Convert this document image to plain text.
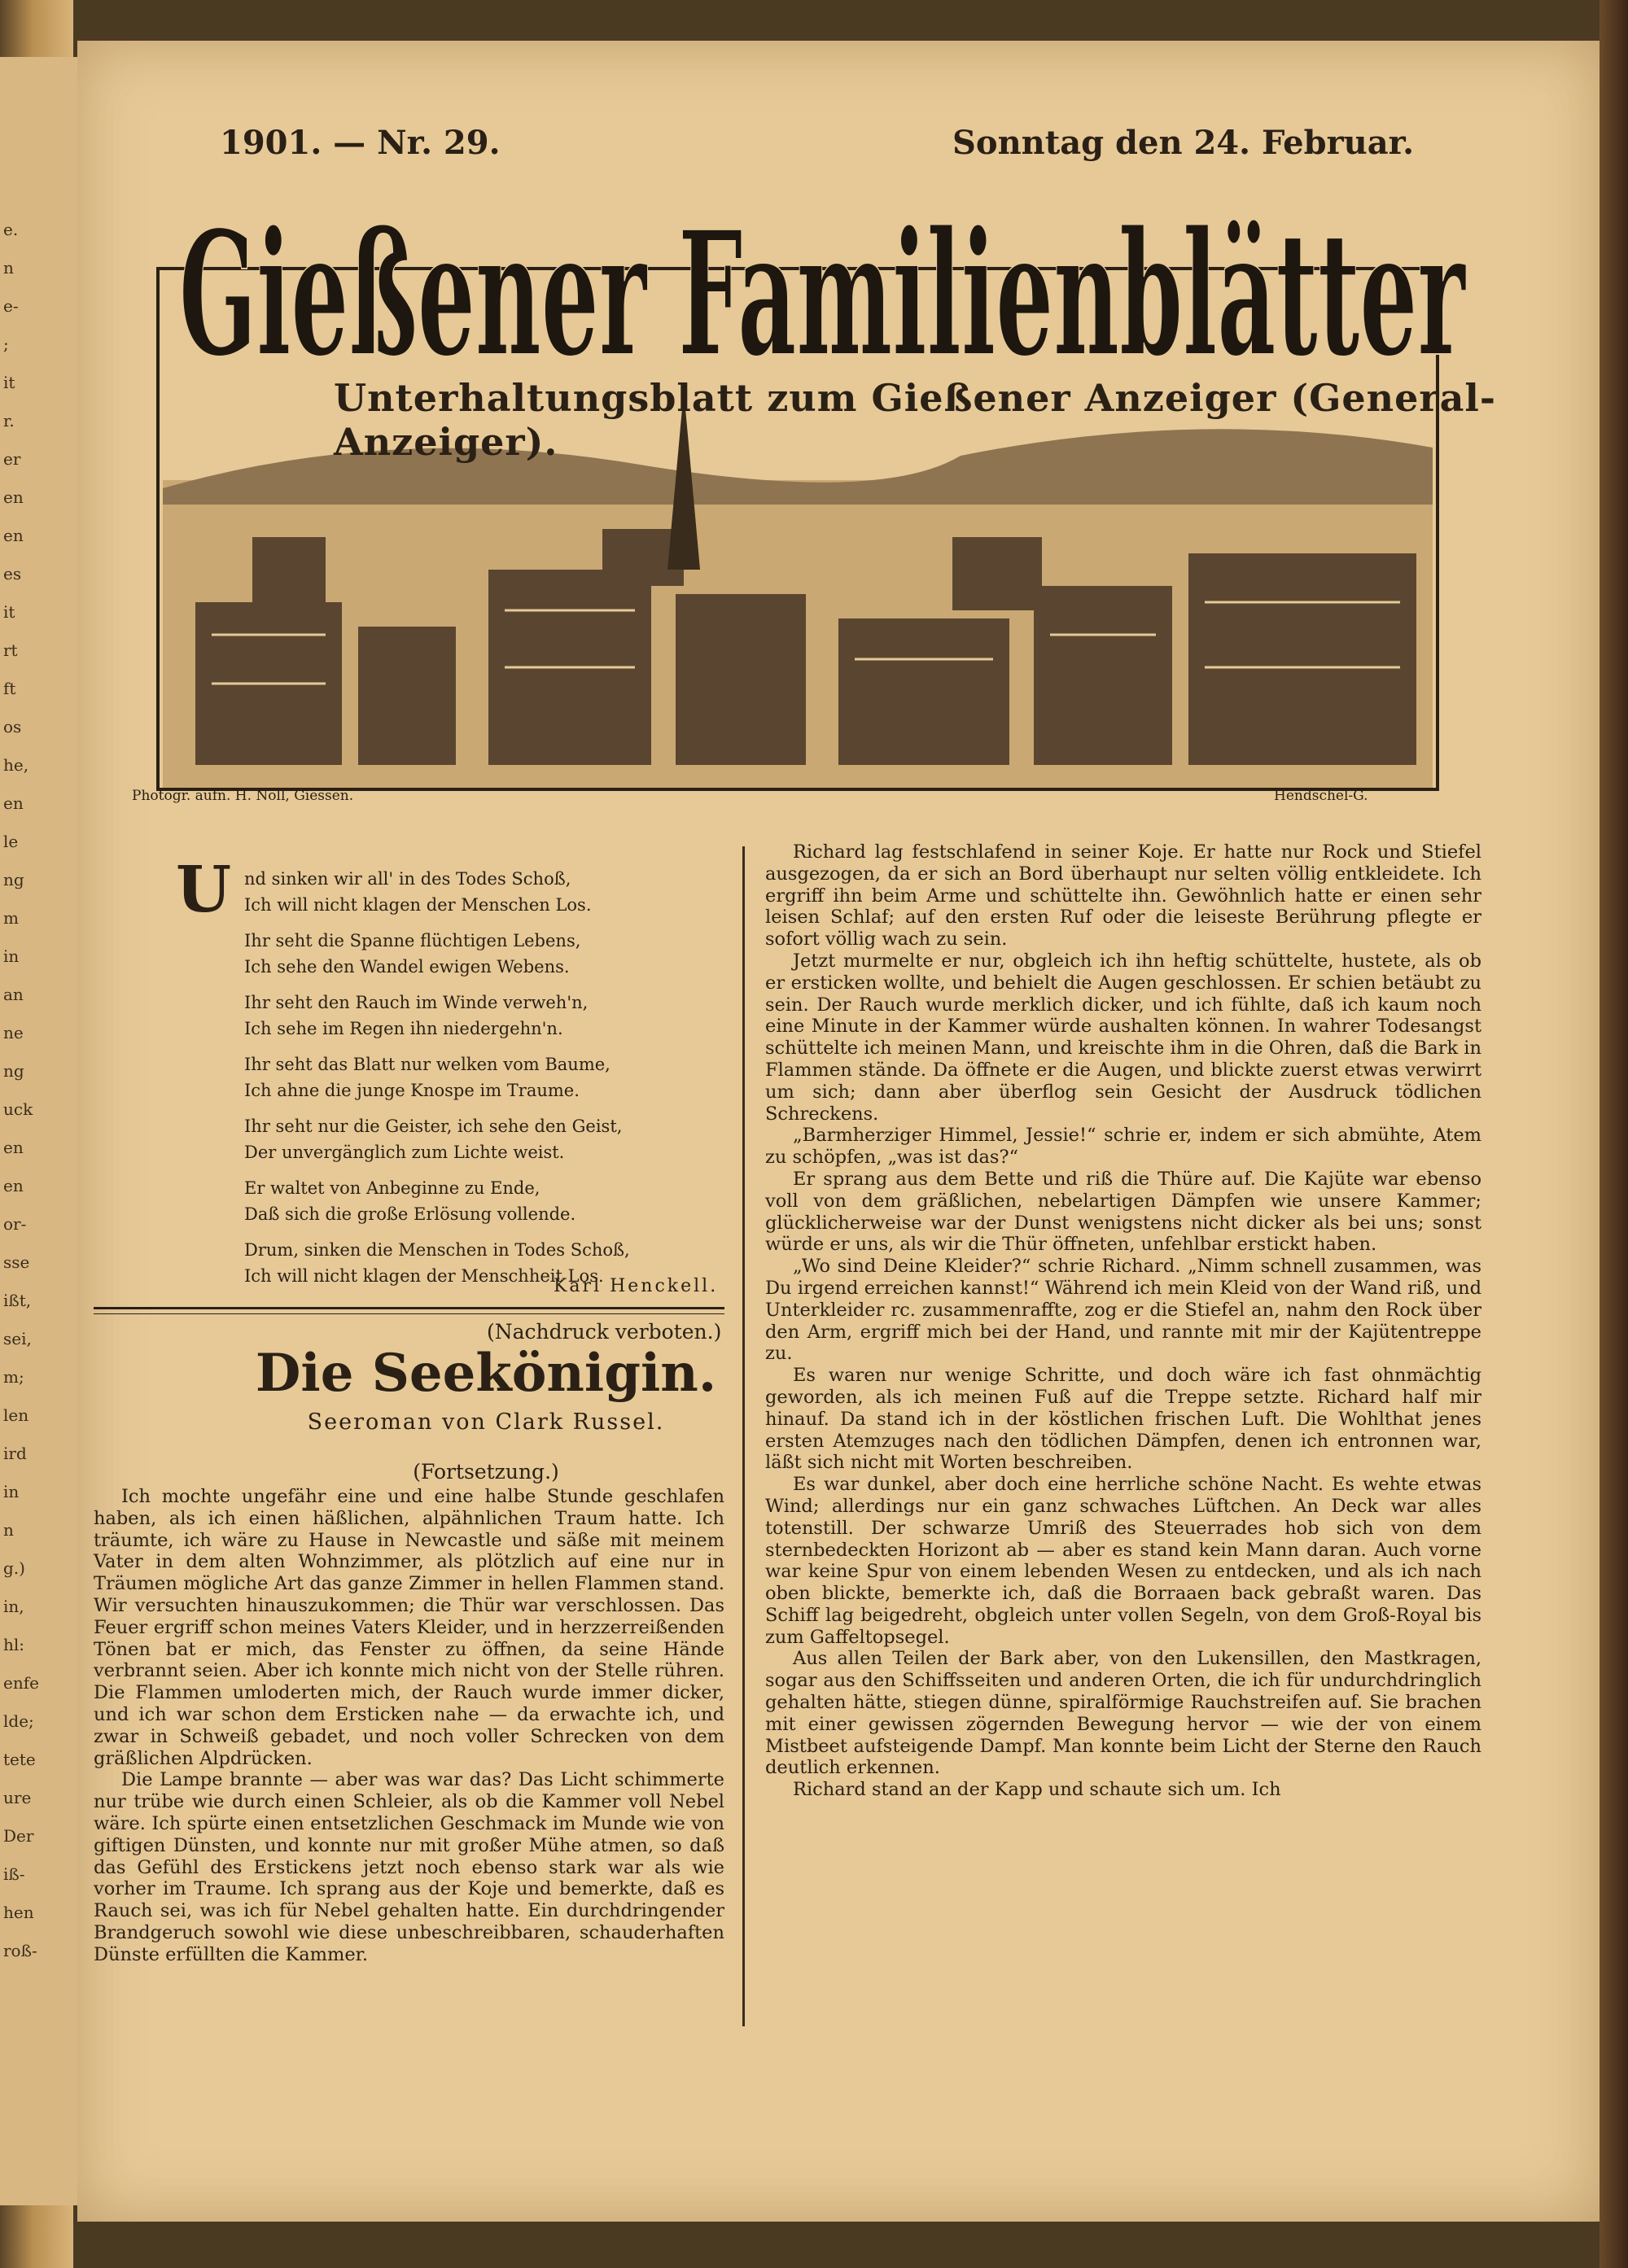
e.
n
e-
;
it
r.
er
en
en
es
it
rt
ft
os
he,
en
le
ng
m
in
an
ne
ng
uck
en
en
or-
sse
ißt,
sei,
m;
len
ird
in
n
g.)
in,
hl:
enfe
lde;
tete
ure
Der
iß-
hen
roß-
1901. — Nr. 29.	Sonntag den 24. Februar.
Gießener Familienblätter
Unterhaltungsblatt zum Gießener Anzeiger (General-Anzeiger).
Photogr. aufn. H. Noll, Giessen.	Hendschel-G.
U nd sinken wir all' in des Todes Schoß,
Ich will nicht klagen der Menschen Los.
Ihr seht die Spanne flüchtigen Lebens,
Ich sehe den Wandel ewigen Webens.
Ihr seht den Rauch im Winde verweh'n,
Ich sehe im Regen ihn niedergehn'n.
Ihr seht das Blatt nur welken vom Baume,
Ich ahne die junge Knospe im Traume.
Ihr seht nur die Geister, ich sehe den Geist,
Der unvergänglich zum Lichte weist.
Er waltet von Anbeginne zu Ende,
Daß sich die große Erlösung vollende.
Drum, sinken die Menschen in Todes Schoß,
Ich will nicht klagen der Menschheit Los.
Karl Henckell.
(Nachdruck verboten.)
Die Seekönigin.
Seeroman von Clark Russel.
(Fortsetzung.)

Ich mochte ungefähr eine und eine halbe Stunde geschlafen haben, als ich einen häßlichen, alpähnlichen Traum hatte. Ich träumte, ich wäre zu Hause in Newcastle und säße mit meinem Vater in dem alten Wohnzimmer, als plötzlich auf eine nur in Träumen mögliche Art das ganze Zimmer in hellen Flammen stand. Wir versuchten hinauszukommen; die Thür war verschlossen. Das Feuer ergriff schon meines Vaters Kleider, und in herzzerreißenden Tönen bat er mich, das Fenster zu öffnen, da seine Hände verbrannt seien. Aber ich konnte mich nicht von der Stelle rühren. Die Flammen umloderten mich, der Rauch wurde immer dicker, und ich war schon dem Ersticken nahe — da erwachte ich, und zwar in Schweiß gebadet, und noch voller Schrecken von dem gräßlichen Alpdrücken.

Die Lampe brannte — aber was war das? Das Licht schimmerte nur trübe wie durch einen Schleier, als ob die Kammer voll Nebel wäre. Ich spürte einen entsetzlichen Geschmack im Munde wie von giftigen Dünsten, und konnte nur mit großer Mühe atmen, so daß das Gefühl des Erstickens jetzt noch ebenso stark war als wie vorher im Traume. Ich sprang aus der Koje und bemerkte, daß es Rauch sei, was ich für Nebel gehalten hatte. Ein durchdringender Brandgeruch sowohl wie diese unbeschreibbaren, schauderhaften Dünste erfüllten die Kammer.

Richard lag festschlafend in seiner Koje. Er hatte nur Rock und Stiefel ausgezogen, da er sich an Bord überhaupt nur selten völlig entkleidete. Ich ergriff ihn beim Arme und schüttelte ihn. Gewöhnlich hatte er einen sehr leisen Schlaf; auf den ersten Ruf oder die leiseste Berührung pflegte er sofort völlig wach zu sein.

Jetzt murmelte er nur, obgleich ich ihn heftig schüttelte, hustete, als ob er ersticken wollte, und behielt die Augen geschlossen. Er schien betäubt zu sein. Der Rauch wurde merklich dicker, und ich fühlte, daß ich kaum noch eine Minute in der Kammer würde aushalten können. In wahrer Todesangst schüttelte ich meinen Mann, und kreischte ihm in die Ohren, daß die Bark in Flammen stände. Da öffnete er die Augen, und blickte zuerst etwas verwirrt um sich; dann aber überflog sein Gesicht der Ausdruck tödlichen Schreckens.

„Barmherziger Himmel, Jessie!“ schrie er, indem er sich abmühte, Atem zu schöpfen, „was ist das?“

Er sprang aus dem Bette und riß die Thüre auf. Die Kajüte war ebenso voll von dem gräßlichen, nebelartigen Dämpfen wie unsere Kammer; glücklicherweise war der Dunst wenigstens nicht dicker als bei uns; sonst würde er uns, als wir die Thür öffneten, unfehlbar erstickt haben.

„Wo sind Deine Kleider?“ schrie Richard. „Nimm schnell zusammen, was Du irgend erreichen kannst!“ Während ich mein Kleid von der Wand riß, und Unterkleider rc. zusammenraffte, zog er die Stiefel an, nahm den Rock über den Arm, ergriff mich bei der Hand, und rannte mit mir der Kajütentreppe zu.

Es waren nur wenige Schritte, und doch wäre ich fast ohnmächtig geworden, als ich meinen Fuß auf die Treppe setzte. Richard half mir hinauf. Da stand ich in der köstlichen frischen Luft. Die Wohlthat jenes ersten Atemzuges nach den tödlichen Dämpfen, denen ich entronnen war, läßt sich nicht mit Worten beschreiben.

Es war dunkel, aber doch eine herrliche schöne Nacht. Es wehte etwas Wind; allerdings nur ein ganz schwaches Lüftchen. An Deck war alles totenstill. Der schwarze Umriß des Steuerrades hob sich von dem sternbedeckten Horizont ab — aber es stand kein Mann daran. Auch vorne war keine Spur von einem lebenden Wesen zu entdecken, und als ich nach oben blickte, bemerkte ich, daß die Borraaen back gebraßt waren. Das Schiff lag beigedreht, obgleich unter vollen Segeln, von dem Groß-Royal bis zum Gaffeltopsegel.

Aus allen Teilen der Bark aber, von den Lukensillen, den Mastkragen, sogar aus den Schiffsseiten und anderen Orten, die ich für undurchdringlich gehalten hätte, stiegen dünne, spiralförmige Rauchstreifen auf. Sie brachen mit einer gewissen zögernden Bewegung hervor — wie der von einem Mistbeet aufsteigende Dampf. Man konnte beim Licht der Sterne den Rauch deutlich erkennen.

Richard stand an der Kapp und schaute sich um. Ich
